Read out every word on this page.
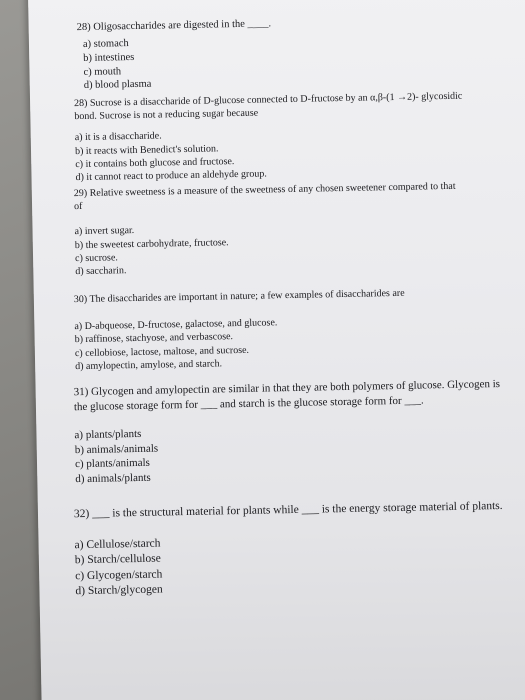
28) Oligosaccharides are digested in the ____.

a) stomach

b) intestines

c) mouth

d) blood plasma

28) Sucrose is a disaccharide of D-glucose connected to D-fructose by an α,β-(1 →2)- glycosidic

bond. Sucrose is not a reducing sugar because

a) it is a disaccharide.

b) it reacts with Benedict's solution.

c) it contains both glucose and fructose.

d) it cannot react to produce an aldehyde group.

29) Relative sweetness is a measure of the sweetness of any chosen sweetener compared to that

of

a) invert sugar.

b) the sweetest carbohydrate, fructose.

c) sucrose.

d) saccharin.

30) The disaccharides are important in nature; a few examples of disaccharides are

a) D-abqueose, D-fructose, galactose, and glucose.

b) raffinose, stachyose, and verbascose.

c) cellobiose, lactose, maltose, and sucrose.

d) amylopectin, amylose, and starch.

31) Glycogen and amylopectin are similar in that they are both polymers of glucose. Glycogen is

the glucose storage form for ___ and starch is the glucose storage form for ___.

a) plants/plants

b) animals/animals

c) plants/animals

d) animals/plants

32) ___ is the structural material for plants while ___ is the energy storage material of plants.

a) Cellulose/starch

b) Starch/cellulose

c) Glycogen/starch

d) Starch/glycogen
